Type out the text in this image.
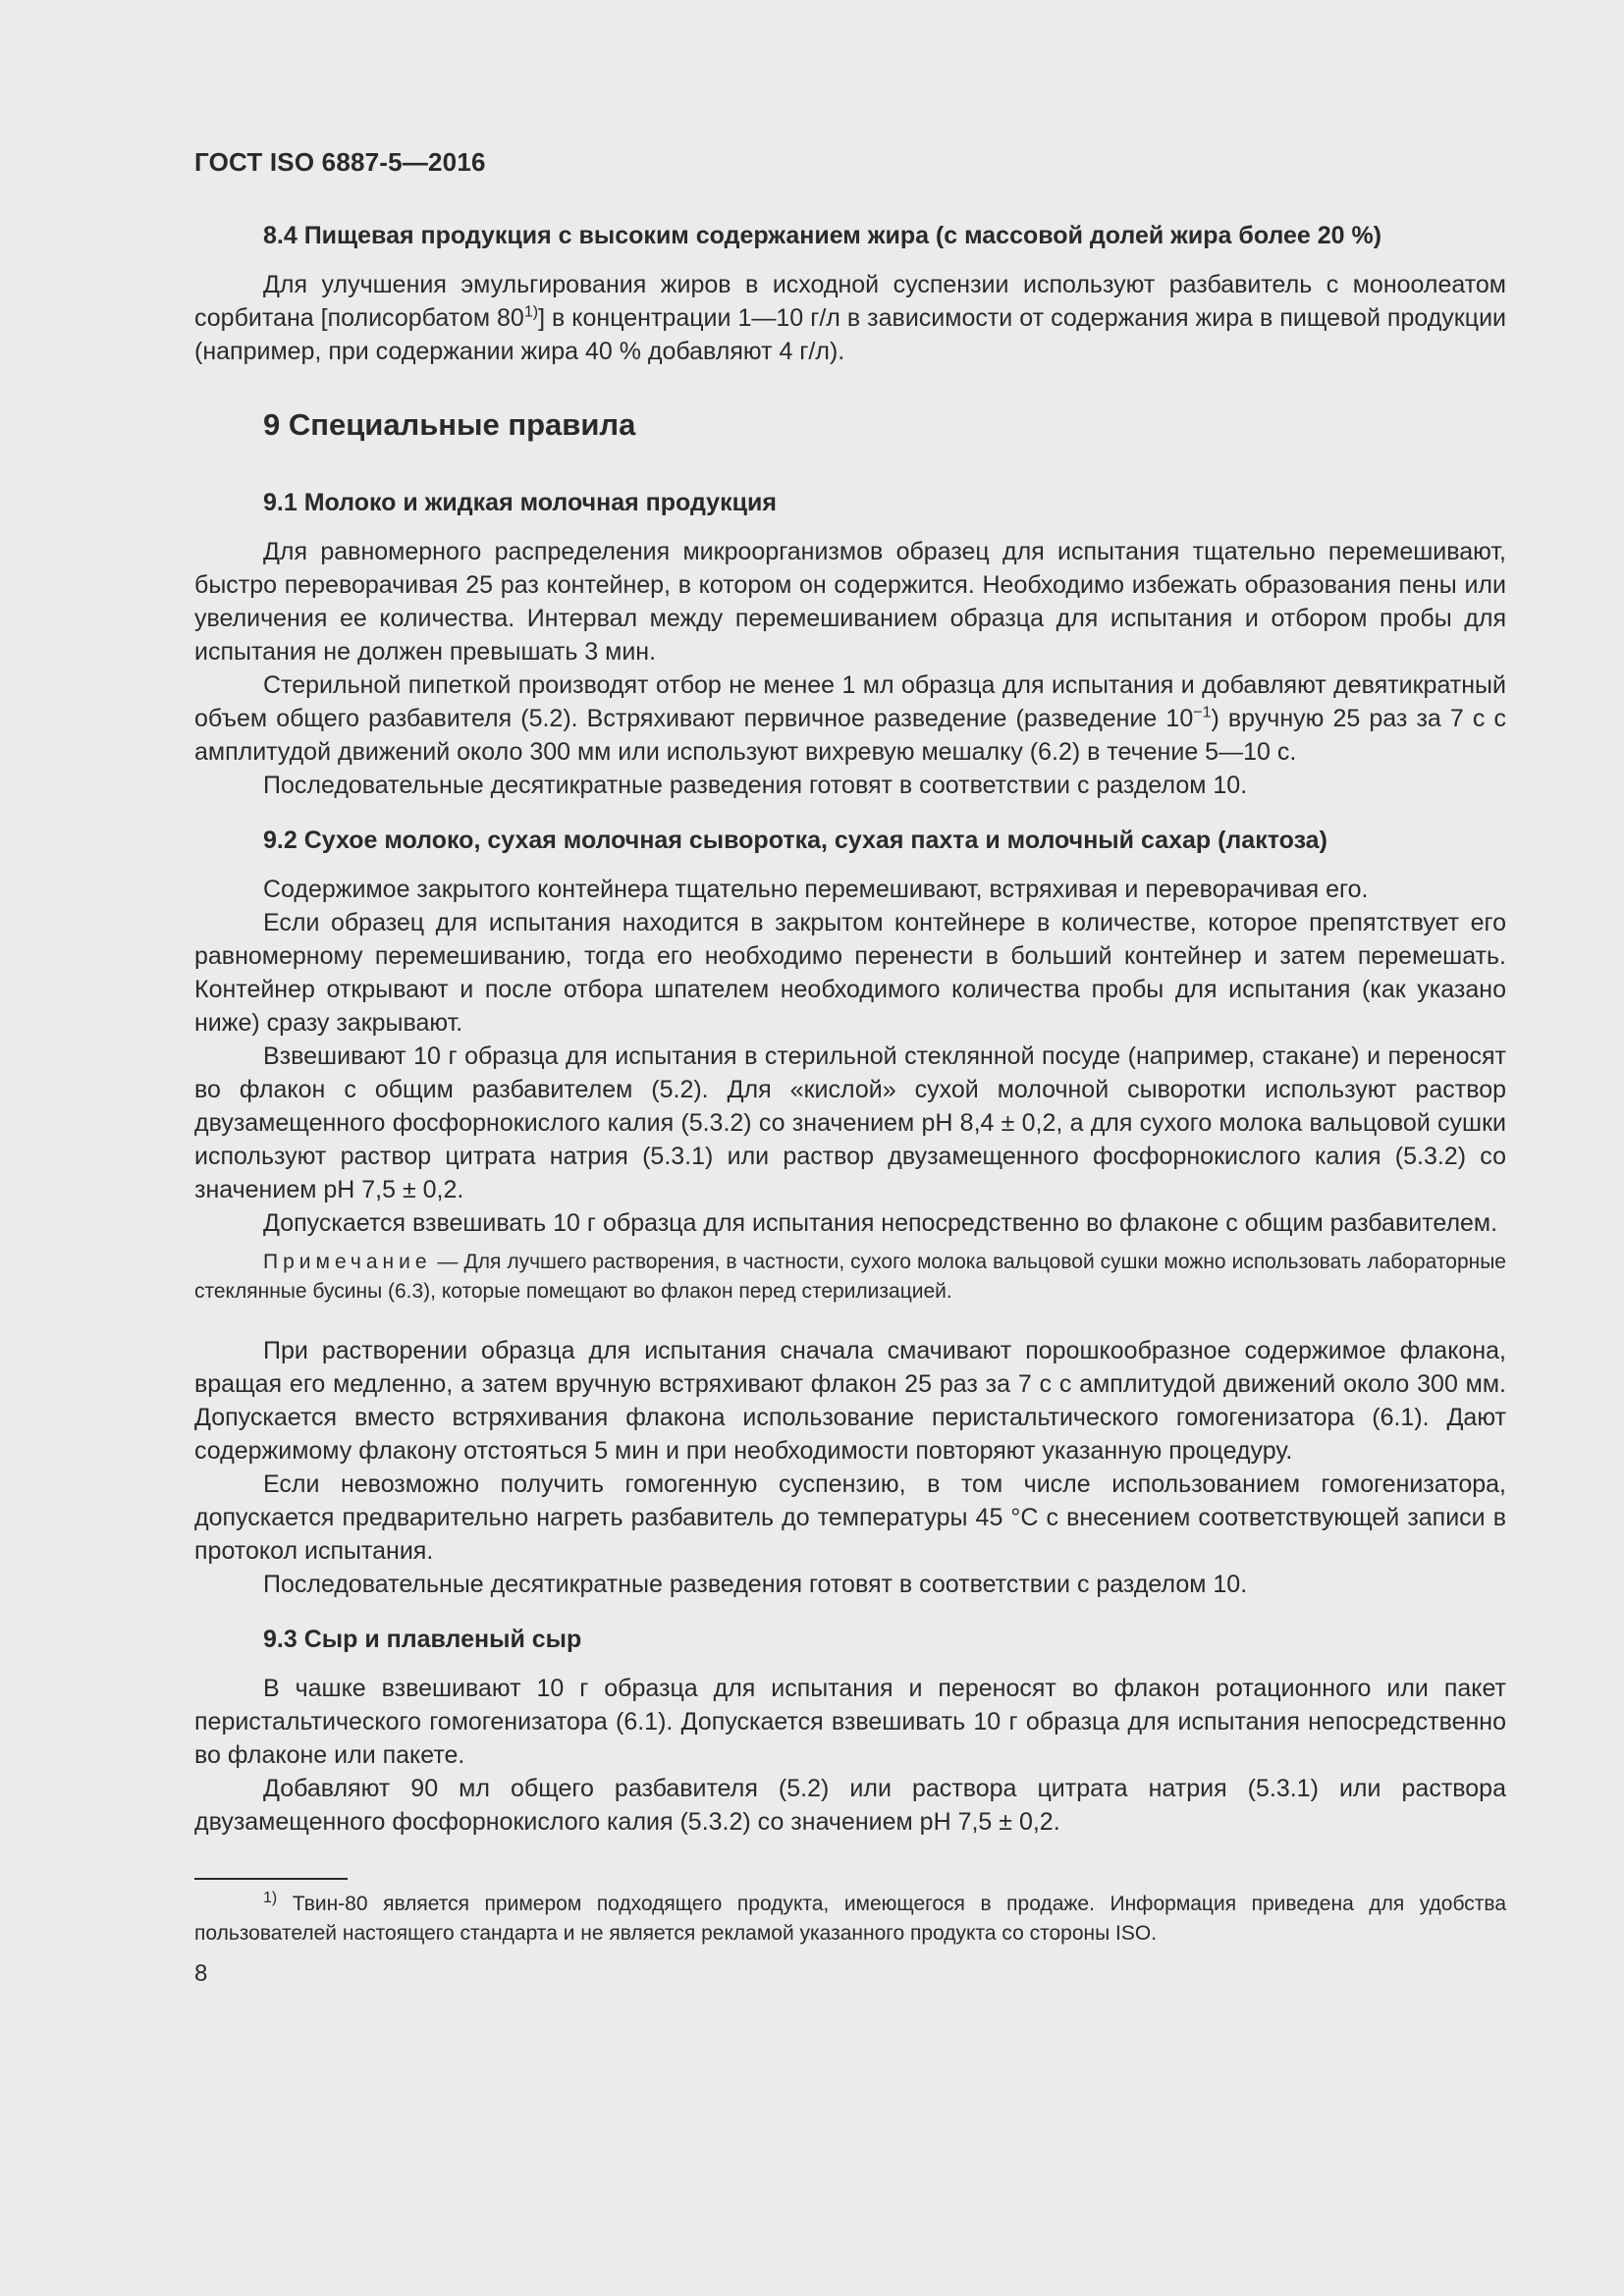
ГОСТ ISO 6887-5—2016
8.4 Пищевая продукция с высоким содержанием жира (с массовой долей жира более 20 %)

Для улучшения эмульгирования жиров в исходной суспензии используют разбавитель с моноолеатом сорбитана [полисорбатом 80$^{1)}$] в концентрации 1—10 г/л в зависимости от содержания жира в пищевой продукции (например, при содержании жира 40 % добавляют 4 г/л).

9 Специальные правила
9.1 Молоко и жидкая молочная продукция

Для равномерного распределения микроорганизмов образец для испытания тщательно перемешивают, быстро переворачивая 25 раз контейнер, в котором он содержится. Необходимо избежать образования пены или увеличения ее количества. Интервал между перемешиванием образца для испытания и отбором пробы для испытания не должен превышать 3 мин.

Стерильной пипеткой производят отбор не менее 1 мл образца для испытания и добавляют девятикратный объем общего разбавителя (5.2). Встряхивают первичное разведение (разведение $10^{-1}$) вручную 25 раз за 7 с с амплитудой движений около 300 мм или используют вихревую мешалку (6.2) в течение 5—10 с.

Последовательные десятикратные разведения готовят в соответствии с разделом 10.

9.2 Сухое молоко, сухая молочная сыворотка, сухая пахта и молочный сахар (лактоза)

Содержимое закрытого контейнера тщательно перемешивают, встряхивая и переворачивая его.

Если образец для испытания находится в закрытом контейнере в количестве, которое препятствует его равномерному перемешиванию, тогда его необходимо перенести в больший контейнер и затем перемешать. Контейнер открывают и после отбора шпателем необходимого количества пробы для испытания (как указано ниже) сразу закрывают.

Взвешивают 10 г образца для испытания в стерильной стеклянной посуде (например, стакане) и переносят во флакон с общим разбавителем (5.2). Для «кислой» сухой молочной сыворотки используют раствор двузамещенного фосфорнокислого калия (5.3.2) со значением pH 8,4 ± 0,2, а для сухого молока вальцовой сушки используют раствор цитрата натрия (5.3.1) или раствор двузамещенного фосфорнокислого калия (5.3.2) со значением pH 7,5 ± 0,2.

Допускается взвешивать 10 г образца для испытания непосредственно во флаконе с общим разбавителем.

Примечание — Для лучшего растворения, в частности, сухого молока вальцовой сушки можно использовать лабораторные стеклянные бусины (6.3), которые помещают во флакон перед стерилизацией.

При растворении образца для испытания сначала смачивают порошкообразное содержимое флакона, вращая его медленно, а затем вручную встряхивают флакон 25 раз за 7 с с амплитудой движений около 300 мм. Допускается вместо встряхивания флакона использование перистальтического гомогенизатора (6.1). Дают содержимому флакону отстояться 5 мин и при необходимости повторяют указанную процедуру.

Если невозможно получить гомогенную суспензию, в том числе использованием гомогенизатора, допускается предварительно нагреть разбавитель до температуры 45 °С с внесением соответствующей записи в протокол испытания.

Последовательные десятикратные разведения готовят в соответствии с разделом 10.

9.3 Сыр и плавленый сыр

В чашке взвешивают 10 г образца для испытания и переносят во флакон ротационного или пакет перистальтического гомогенизатора (6.1). Допускается взвешивать 10 г образца для испытания непосредственно во флаконе или пакете.

Добавляют 90 мл общего разбавителя (5.2) или раствора цитрата натрия (5.3.1) или раствора двузамещенного фосфорнокислого калия (5.3.2) со значением pH 7,5 ± 0,2.

$^{1)}$ Твин-80 является примером подходящего продукта, имеющегося в продаже. Информация приведена для удобства пользователей настоящего стандарта и не является рекламой указанного продукта со стороны ISO.

8
